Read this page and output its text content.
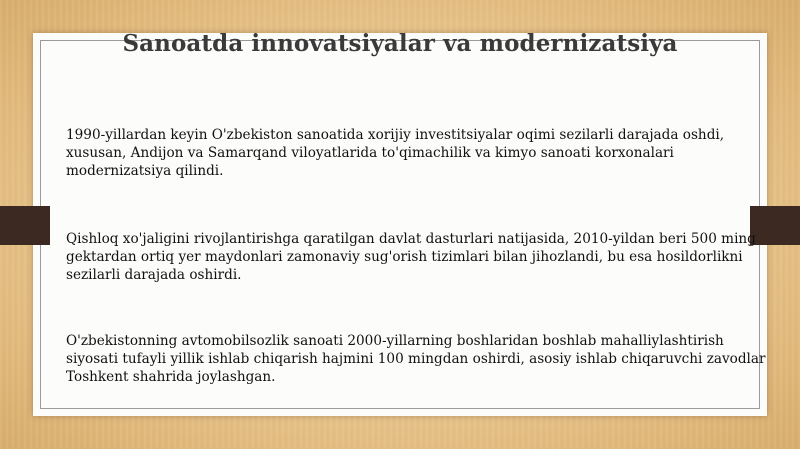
Sanoatda innovatsiyalar va modernizatsiya

1990-yillardan keyin O'zbekiston sanoatida xorijiy investitsiyalar oqimi sezilarli darajada oshdi, xususan, Andijon va Samarqand viloyatlarida to'qimachilik va kimyo sanoati korxonalari modernizatsiya qilindi.

Qishloq xo'jaligini rivojlantirishga qaratilgan davlat dasturlari natijasida, 2010-yildan beri 500 ming gektardan ortiq yer maydonlari zamonaviy sug'orish tizimlari bilan jihozlandi, bu esa hosildorlikni sezilarli darajada oshirdi.

O'zbekistonning avtomobilsozlik sanoati 2000-yillarning boshlaridan boshlab mahalliylashtirish siyosati tufayli yillik ishlab chiqarish hajmini 100 mingdan oshirdi, asosiy ishlab chiqaruvchi zavodlar Toshkent shahrida joylashgan.
